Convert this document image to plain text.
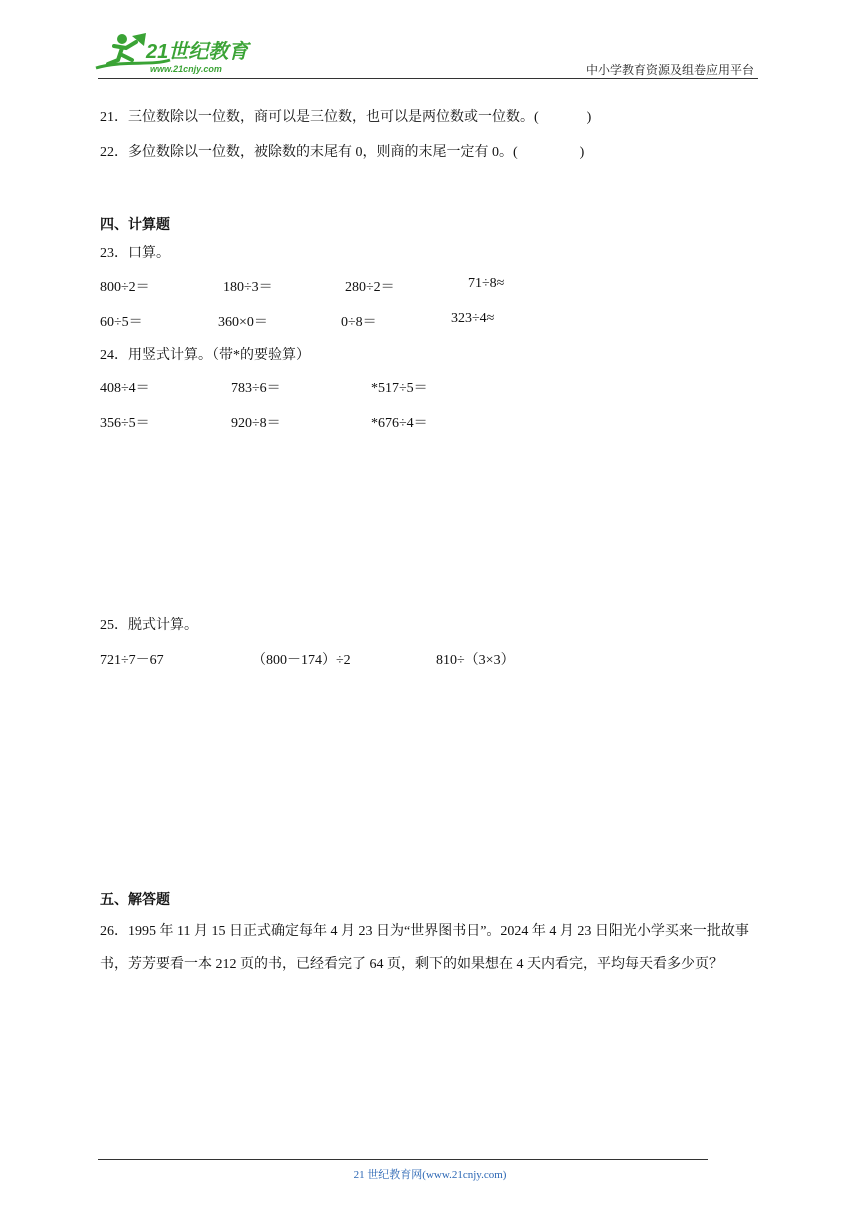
21世纪教育
www.21cnjy.com	中小学教育资源及组卷应用平台
21．三位数除以一位数，商可以是三位数，也可以是两位数或一位数。(	)
22．多位数除以一位数，被除数的末尾有 0，则商的末尾一定有 0。(	)
四、计算题
23．口算。
800÷2＝	180÷3＝	280÷2＝	71÷8≈
60÷5＝	360×0＝	0÷8＝	323÷4≈
24．用竖式计算。（带*的要验算）
408÷4＝	783÷6＝	*517÷5＝
356÷5＝	920÷8＝	*676÷4＝
25．脱式计算。
721÷7－67	（800－174）÷2	810÷（3×3）
五、解答题
26．1995 年 11 月 15 日正式确定每年 4 月 23 日为“世界图书日”。2024 年 4 月 23 日阳光小学买来一批故事书，芳芳要看一本 212 页的书，已经看完了 64 页，剩下的如果想在 4 天内看完，平均每天看多少页？
21 世纪教育网(www.21cnjy.com)
